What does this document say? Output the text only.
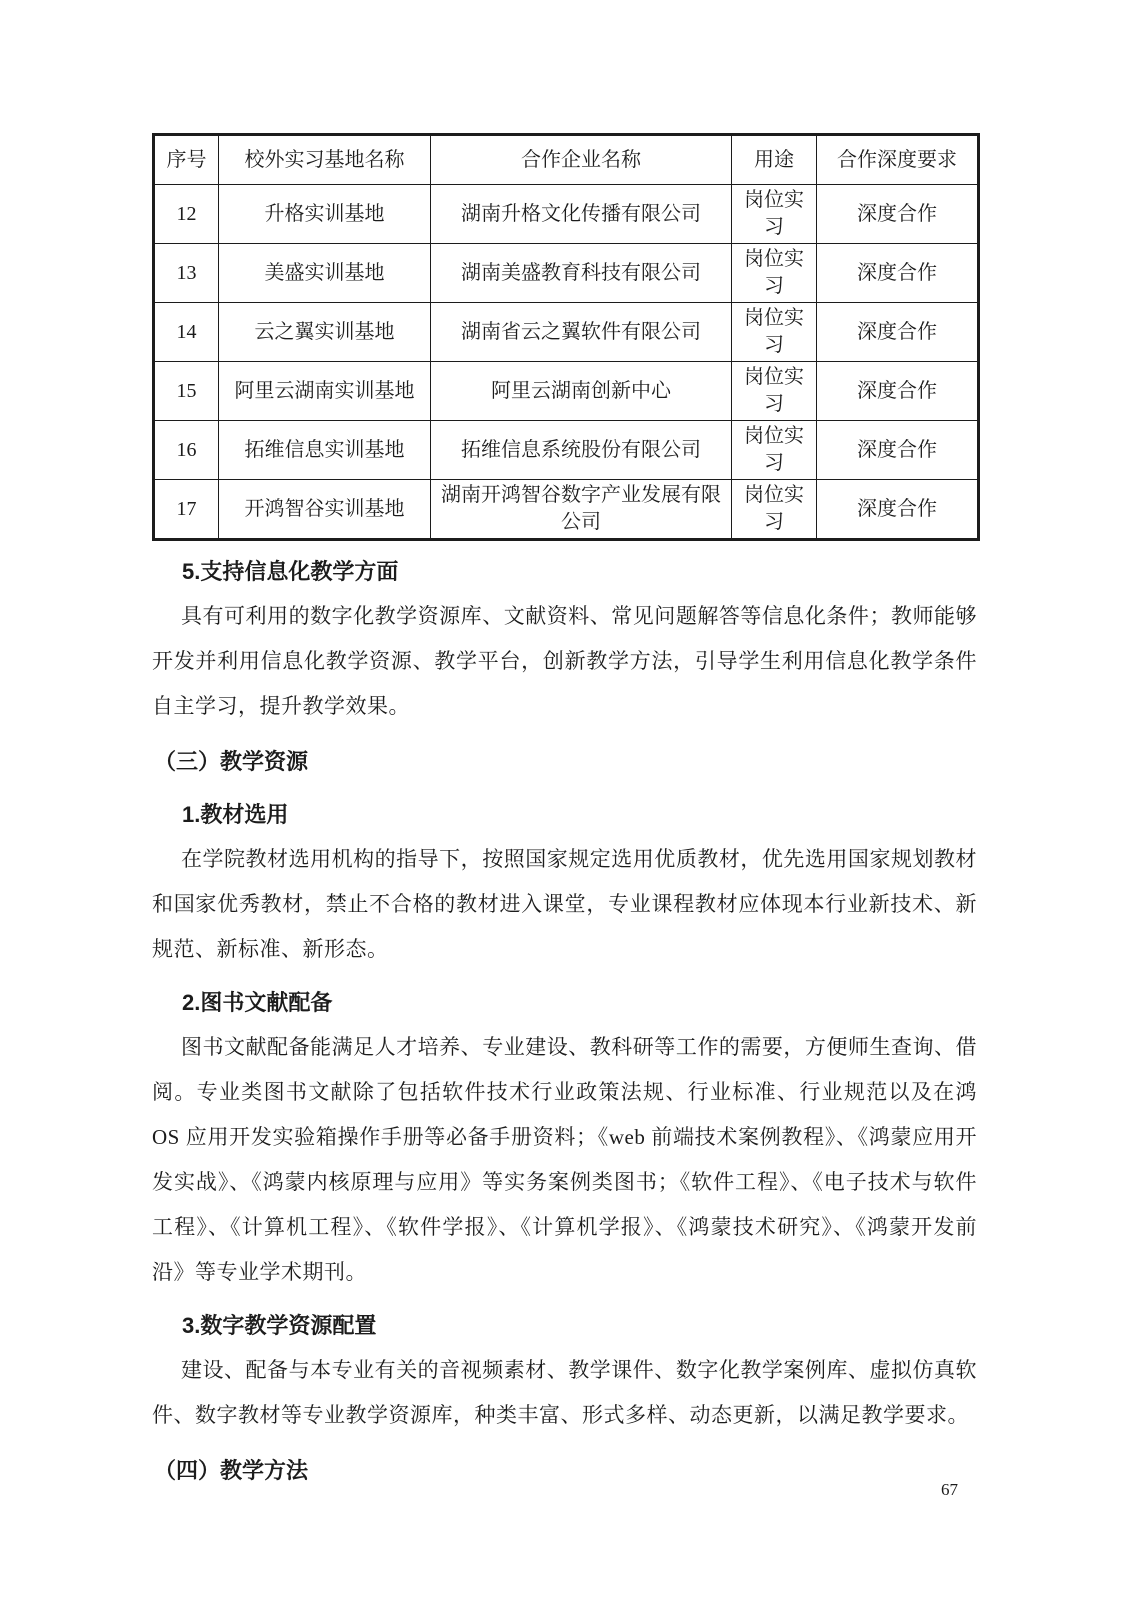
序号	校外实习基地名称	合作企业名称	用途	合作深度要求
12	升格实训基地	湖南升格文化传播有限公司	岗位实习	深度合作
13	美盛实训基地	湖南美盛教育科技有限公司	岗位实习	深度合作
14	云之翼实训基地	湖南省云之翼软件有限公司	岗位实习	深度合作
15	阿里云湖南实训基地	阿里云湖南创新中心	岗位实习	深度合作
16	拓维信息实训基地	拓维信息系统股份有限公司	岗位实习	深度合作
17	开鸿智谷实训基地	湖南开鸿智谷数字产业发展有限公司	岗位实习	深度合作

5.支持信息化教学方面

具有可利用的数字化教学资源库、文献资料、常见问题解答等信息化条件；教师能够开发并利用信息化教学资源、教学平台，创新教学方法，引导学生利用信息化教学条件自主学习，提升教学效果。

（三）教学资源

1.教材选用

在学院教材选用机构的指导下，按照国家规定选用优质教材，优先选用国家规划教材和国家优秀教材，禁止不合格的教材进入课堂，专业课程教材应体现本行业新技术、新规范、新标准、新形态。

2.图书文献配备

图书文献配备能满足人才培养、专业建设、教科研等工作的需要，方便师生查询、借阅。专业类图书文献除了包括软件技术行业政策法规、行业标准、行业规范以及在鸿 OS 应用开发实验箱操作手册等必备手册资料；《web 前端技术案例教程》、《鸿蒙应用开发实战》、《鸿蒙内核原理与应用》等实务案例类图书；《软件工程》、《电子技术与软件工程》、《计算机工程》、《软件学报》、《计算机学报》、《鸿蒙技术研究》、《鸿蒙开发前沿》等专业学术期刊。

3.数字教学资源配置

建设、配备与本专业有关的音视频素材、教学课件、数字化教学案例库、虚拟仿真软件、数字教材等专业教学资源库，种类丰富、形式多样、动态更新，以满足教学要求。

（四）教学方法

67
